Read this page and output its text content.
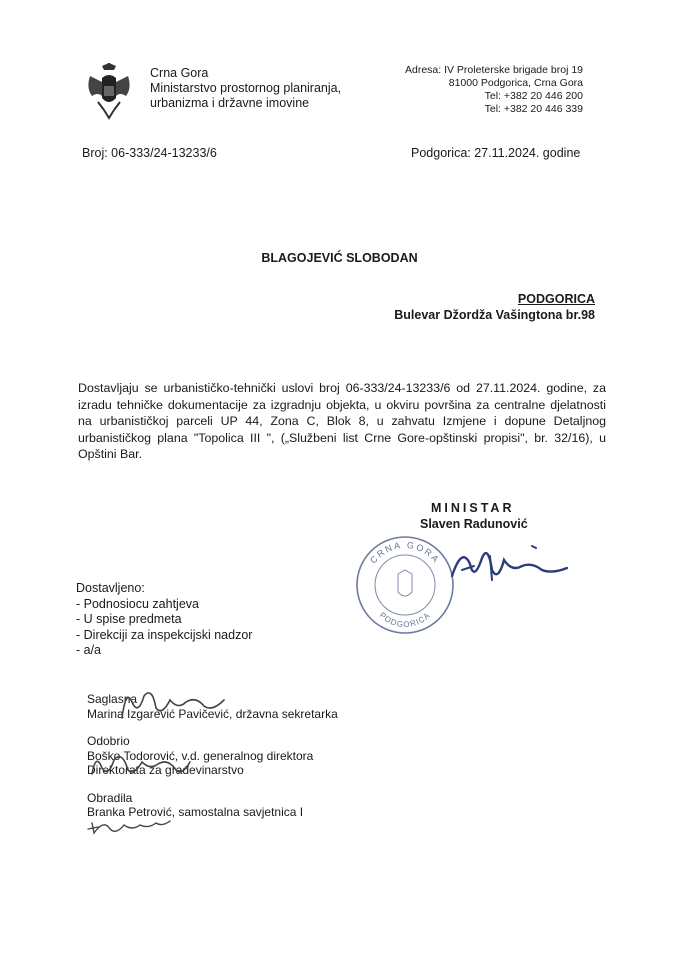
Crna Gora
Ministarstvo prostornog planiranja,
urbanizma i državne imovine
Adresa: IV Proleterske brigade broj 19
81000 Podgorica, Crna Gora
Tel: +382 20 446 200
Tel: +382 20 446 339
Broj: 06-333/24-13233/6	Podgorica: 27.11.2024. godine
BLAGOJEVIĆ SLOBODAN
PODGORICA
Bulevar Džordža Vašingtona br.98
Dostavljaju se urbanističko-tehnički uslovi broj 06-333/24-13233/6 od 27.11.2024. godine, za izradu tehničke dokumentacije za izgradnju objekta, u okviru površina za centralne djelatnosti na urbanističkoj parceli UP 44, Zona C, Blok 8, u zahvatu Izmjene i dopune Detaljnog urbanističkog plana "Topolica III ", („Službeni list Crne Gore-opštinski propisi", br. 32/16), u Opštini Bar.
MINISTAR
Slaven Radunović
CRNA GORA
PODGORICA
Dostavljeno:
- Podnosiocu zahtjeva
- U spise predmeta
- Direkciji za inspekcijski nadzor
- a/a
Saglasna
Marina Izgarević Pavičević, državna sekretarka
Odobrio
Boško Todorović, v.d. generalnog direktora
Direktorata za građevinarstvo
Obradila
Branka Petrović, samostalna savjetnica I
